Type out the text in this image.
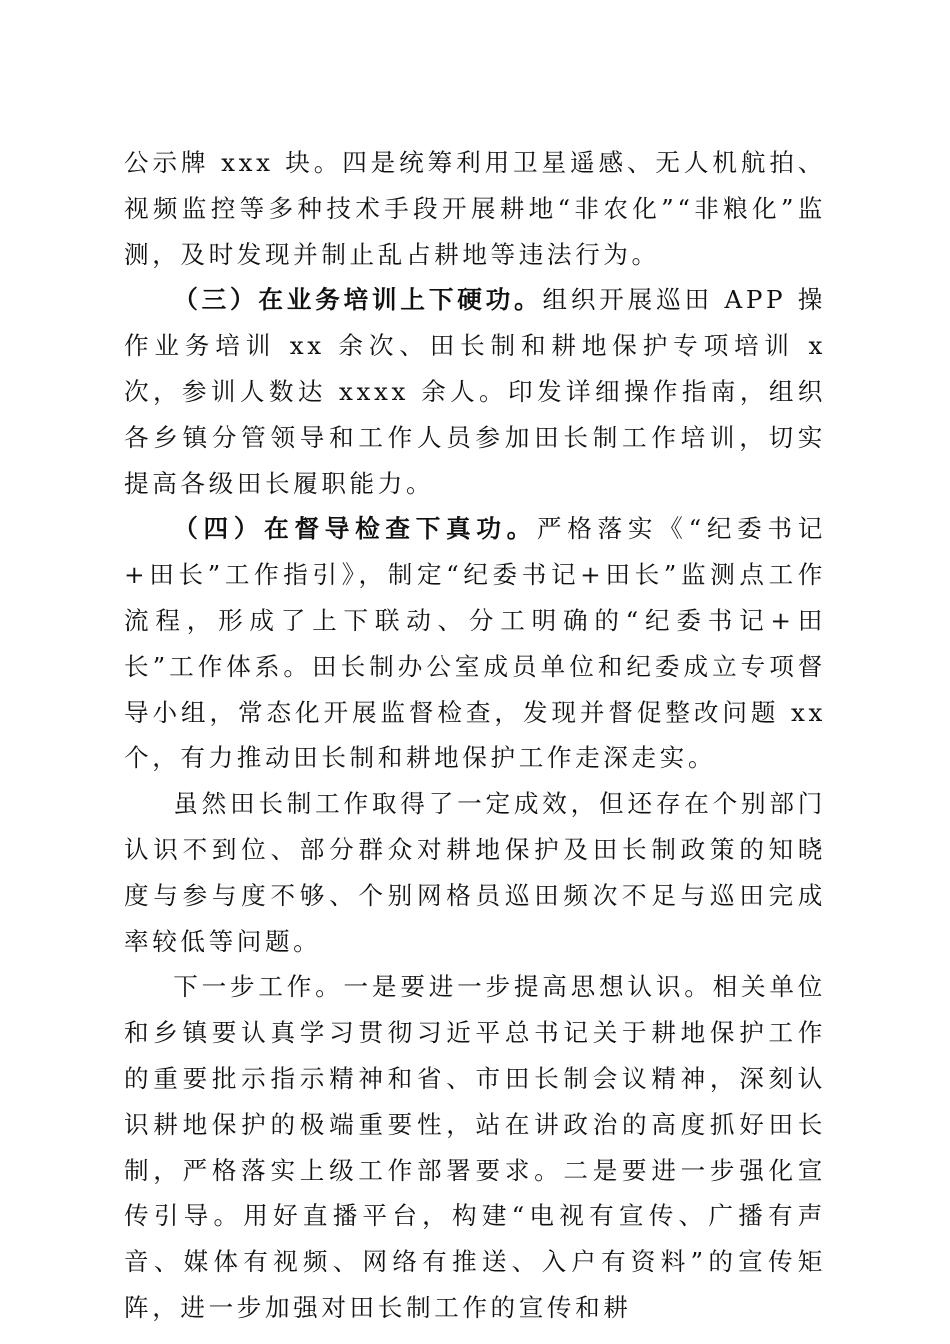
公示牌 xxx 块。四是统筹利用卫星遥感、无人机航拍、视频监控等多种技术手段开展耕地“非农化”“非粮化”监测，及时发现并制止乱占耕地等违法行为。

（三）在业务培训上下硬功。组织开展巡田 APP 操作业务培训 xx 余次、田长制和耕地保护专项培训 x 次，参训人数达 xxxx 余人。印发详细操作指南，组织各乡镇分管领导和工作人员参加田长制工作培训，切实提高各级田长履职能力。

（四）在督导检查下真功。严格落实《“纪委书记+田长”工作指引》，制定“纪委书记+田长”监测点工作流程，形成了上下联动、分工明确的“纪委书记+田长”工作体系。田长制办公室成员单位和纪委成立专项督导小组，常态化开展监督检查，发现并督促整改问题 xx 个，有力推动田长制和耕地保护工作走深走实。

虽然田长制工作取得了一定成效，但还存在个别部门认识不到位、部分群众对耕地保护及田长制政策的知晓度与参与度不够、个别网格员巡田频次不足与巡田完成率较低等问题。

下一步工作。一是要进一步提高思想认识。相关单位和乡镇要认真学习贯彻习近平总书记关于耕地保护工作的重要批示指示精神和省、市田长制会议精神，深刻认识耕地保护的极端重要性，站在讲政治的高度抓好田长制，严格落实上级工作部署要求。二是要进一步强化宣传引导。用好直播平台，构建“电视有宣传、广播有声音、媒体有视频、网络有推送、入户有资料”的宣传矩阵，进一步加强对田长制工作的宣传和耕
